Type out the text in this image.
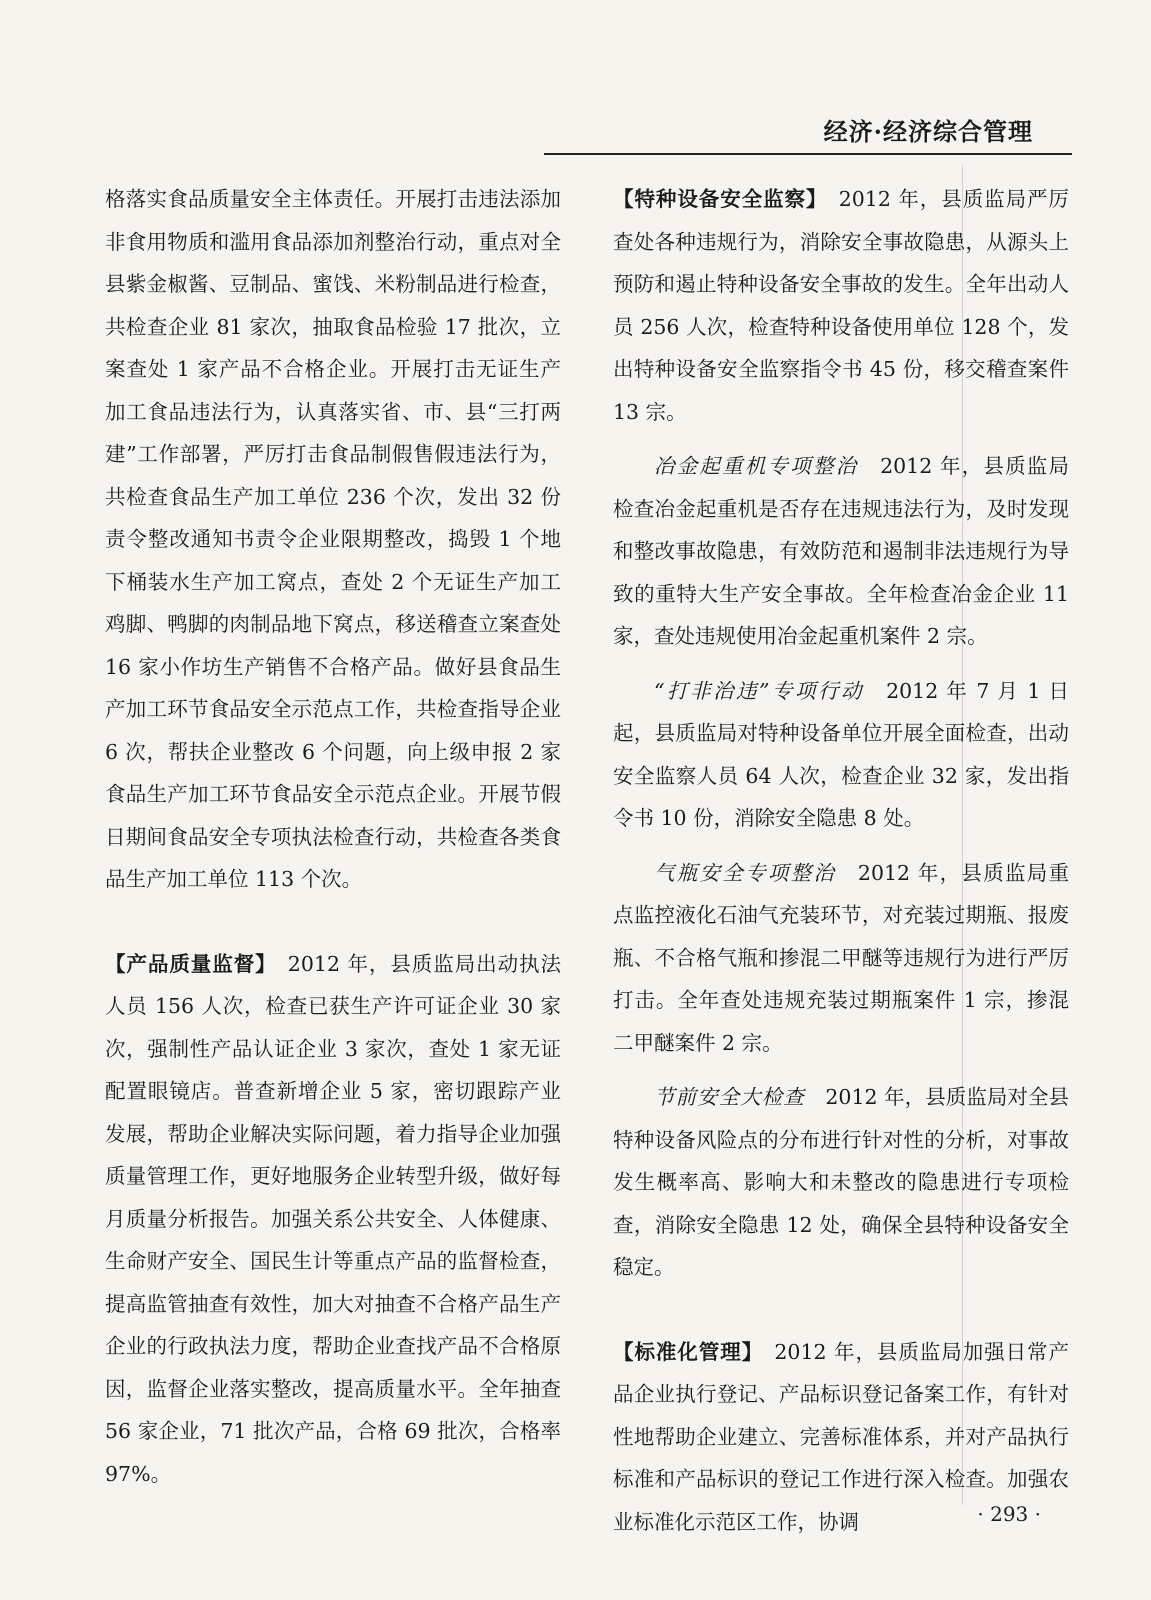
经济·经济综合管理

格落实食品质量安全主体责任。开展打击违法添加非食用物质和滥用食品添加剂整治行动，重点对全县紫金椒酱、豆制品、蜜饯、米粉制品进行检查，共检查企业 81 家次，抽取食品检验 17 批次，立案查处 1 家产品不合格企业。开展打击无证生产加工食品违法行为，认真落实省、市、县“三打两建”工作部署，严厉打击食品制假售假违法行为，共检查食品生产加工单位 236 个次，发出 32 份责令整改通知书责令企业限期整改，捣毁 1 个地下桶装水生产加工窝点，查处 2 个无证生产加工鸡脚、鸭脚的肉制品地下窝点，移送稽查立案查处 16 家小作坊生产销售不合格产品。做好县食品生产加工环节食品安全示范点工作，共检查指导企业 6 次，帮扶企业整改 6 个问题，向上级申报 2 家食品生产加工环节食品安全示范点企业。开展节假日期间食品安全专项执法检查行动，共检查各类食品生产加工单位 113 个次。

【产品质量监督】　2012 年，县质监局出动执法人员 156 人次，检查已获生产许可证企业 30 家次，强制性产品认证企业 3 家次，查处 1 家无证配置眼镜店。普查新增企业 5 家，密切跟踪产业发展，帮助企业解决实际问题，着力指导企业加强质量管理工作，更好地服务企业转型升级，做好每月质量分析报告。加强关系公共安全、人体健康、生命财产安全、国民生计等重点产品的监督检查，提高监管抽查有效性，加大对抽查不合格产品生产企业的行政执法力度，帮助企业查找产品不合格原因，监督企业落实整改，提高质量水平。全年抽查 56 家企业，71 批次产品，合格 69 批次，合格率 97%。

【特种设备安全监察】　2012 年，县质监局严厉查处各种违规行为，消除安全事故隐患，从源头上预防和遏止特种设备安全事故的发生。全年出动人员 256 人次，检查特种设备使用单位 128 个，发出特种设备安全监察指令书 45 份，移交稽查案件 13 宗。

冶金起重机专项整治　2012 年，县质监局检查冶金起重机是否存在违规违法行为，及时发现和整改事故隐患，有效防范和遏制非法违规行为导致的重特大生产安全事故。全年检查冶金企业 11 家，查处违规使用冶金起重机案件 2 宗。

“打非治违”专项行动　2012 年 7 月 1 日起，县质监局对特种设备单位开展全面检查，出动安全监察人员 64 人次，检查企业 32 家，发出指令书 10 份，消除安全隐患 8 处。

气瓶安全专项整治　2012 年，县质监局重点监控液化石油气充装环节，对充装过期瓶、报废瓶、不合格气瓶和掺混二甲醚等违规行为进行严厉打击。全年查处违规充装过期瓶案件 1 宗，掺混二甲醚案件 2 宗。

节前安全大检查　2012 年，县质监局对全县特种设备风险点的分布进行针对性的分析，对事故发生概率高、影响大和未整改的隐患进行专项检查，消除安全隐患 12 处，确保全县特种设备安全稳定。

【标准化管理】　2012 年，县质监局加强日常产品企业执行登记、产品标识登记备案工作，有针对性地帮助企业建立、完善标准体系，并对产品执行标准和产品标识的登记工作进行深入检查。加强农业标准化示范区工作，协调	· 293 ·
